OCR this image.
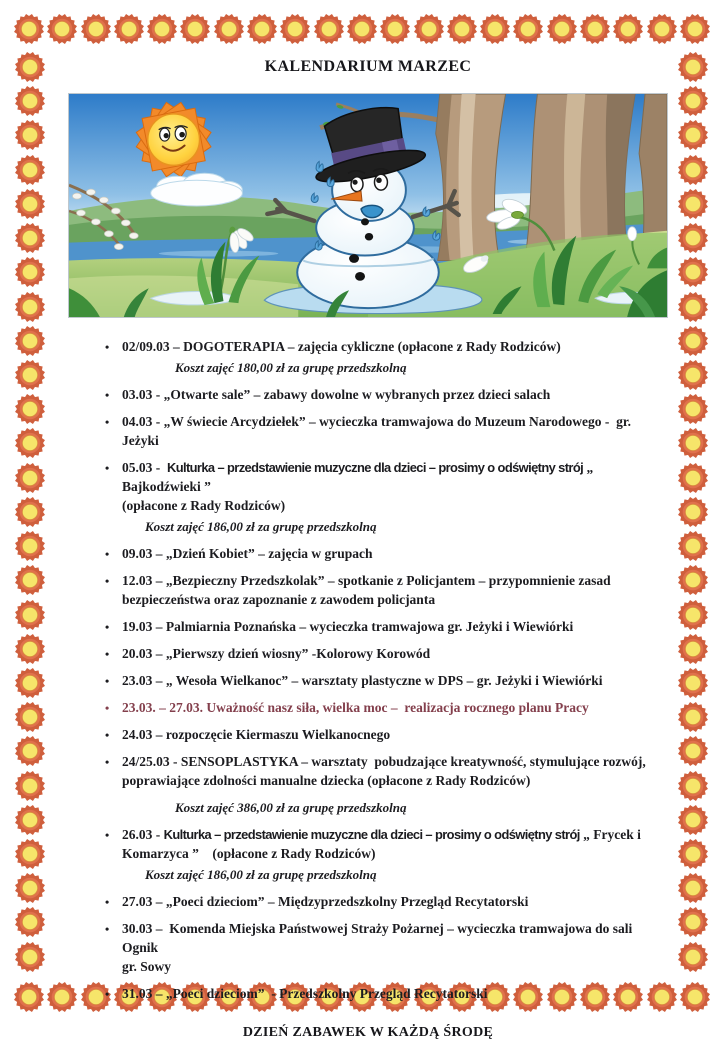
KALENDARIUM MARZEC
• 02/09.03 – DOGOTERAPIA – zajęcia cykliczne (opłacone z Rady Rodziców)
Koszt zajęć 180,00 zł za grupę przedszkolną
• 03.03 - „Otwarte sale” – zabawy dowolne w wybranych przez dzieci salach
• 04.03 - „W świecie Arcydziełek” – wycieczka tramwajowa do Muzeum Narodowego -  gr. Jeżyki
• 05.03 -  Kulturka – przedstawienie muzyczne dla dzieci – prosimy o odświętny strój „ Bajkodźwieki ”
(opłacone z Rady Rodziców)
Koszt zajęć 186,00 zł za grupę przedszkolną
• 09.03 – „Dzień Kobiet” – zajęcia w grupach
• 12.03 – „Bezpieczny Przedszkolak” – spotkanie z Policjantem – przypomnienie zasad
bezpieczeństwa oraz zapoznanie z zawodem policjanta
• 19.03 – Palmiarnia Poznańska – wycieczka tramwajowa gr. Jeżyki i Wiewiórki
• 20.03 – „Pierwszy dzień wiosny” -Kolorowy Korowód
• 23.03 – „ Wesoła Wielkanoc” – warsztaty plastyczne w DPS – gr. Jeżyki i Wiewiórki
• 23.03. – 27.03. Uważność nasz siła, wielka moc –  realizacja rocznego planu Pracy
• 24.03 – rozpoczęcie Kiermaszu Wielkanocnego
• 24/25.03 - SENSOPLASTYKA – warsztaty  pobudzające kreatywność, stymulujące rozwój,
poprawiające zdolności manualne dziecka (opłacone z Rady Rodziców)
Koszt zajęć 386,00 zł za grupę przedszkolną
• 26.03 - Kulturka – przedstawienie muzyczne dla dzieci – prosimy o odświętny strój „ Frycek i
Komarzyca ”    (opłacone z Rady Rodziców)
Koszt zajęć 186,00 zł za grupę przedszkolną
• 27.03 – „Poeci dzieciom” – Międzyprzedszkolny Przegląd Recytatorski
• 30.03 –  Komenda Miejska Państwowej Straży Pożarnej – wycieczka tramwajowa do sali Ognik
gr. Sowy
• 31.03 – „Poeci dzieciom”  - Przedszkolny Przegląd Recytatorski
DZIEŃ ZABAWEK W KAŻDĄ ŚRODĘ
